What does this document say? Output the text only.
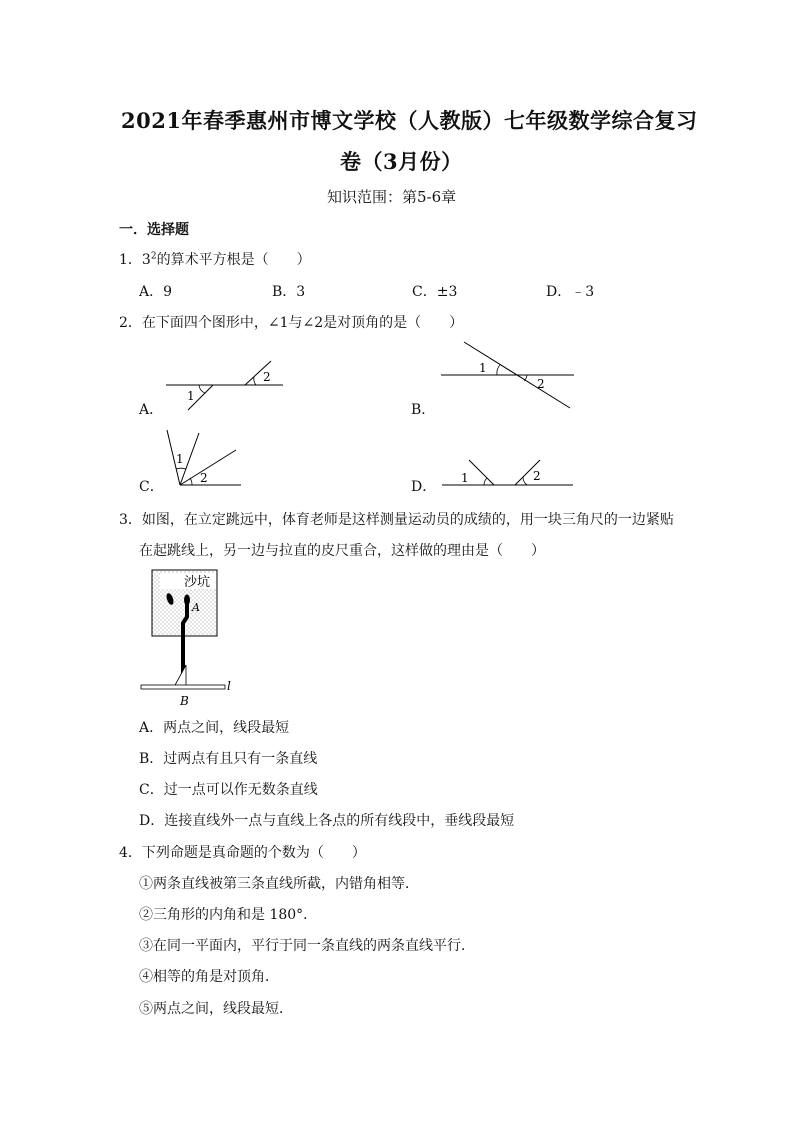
2021年春季惠州市博文学校（人教版）七年级数学综合复习
卷（3月份）
知识范围：第5-6章
一．选择题
1．$3^2$的算术平方根是（　　）
A．9	B．3	C．±3	D．﹣3
2．在下面四个图形中，∠1与∠2是对顶角的是（　　）
A．
1
2
B．
1
2
C．
1
2
D．
1	2
3．如图，在立定跳远中，体育老师是这样测量运动员的成绩的，用一块三角尺的一边紧贴
在起跳线上，另一边与拉直的皮尺重合，这样做的理由是（　　）
沙坑
A
l
B
A．两点之间，线段最短
B．过两点有且只有一条直线
C．过一点可以作无数条直线
D．连接直线外一点与直线上各点的所有线段中，垂线段最短
4．下列命题是真命题的个数为（　　）
①两条直线被第三条直线所截，内错角相等．
②三角形的内角和是 180°．
③在同一平面内，平行于同一条直线的两条直线平行．
④相等的角是对顶角．
⑤两点之间，线段最短．
